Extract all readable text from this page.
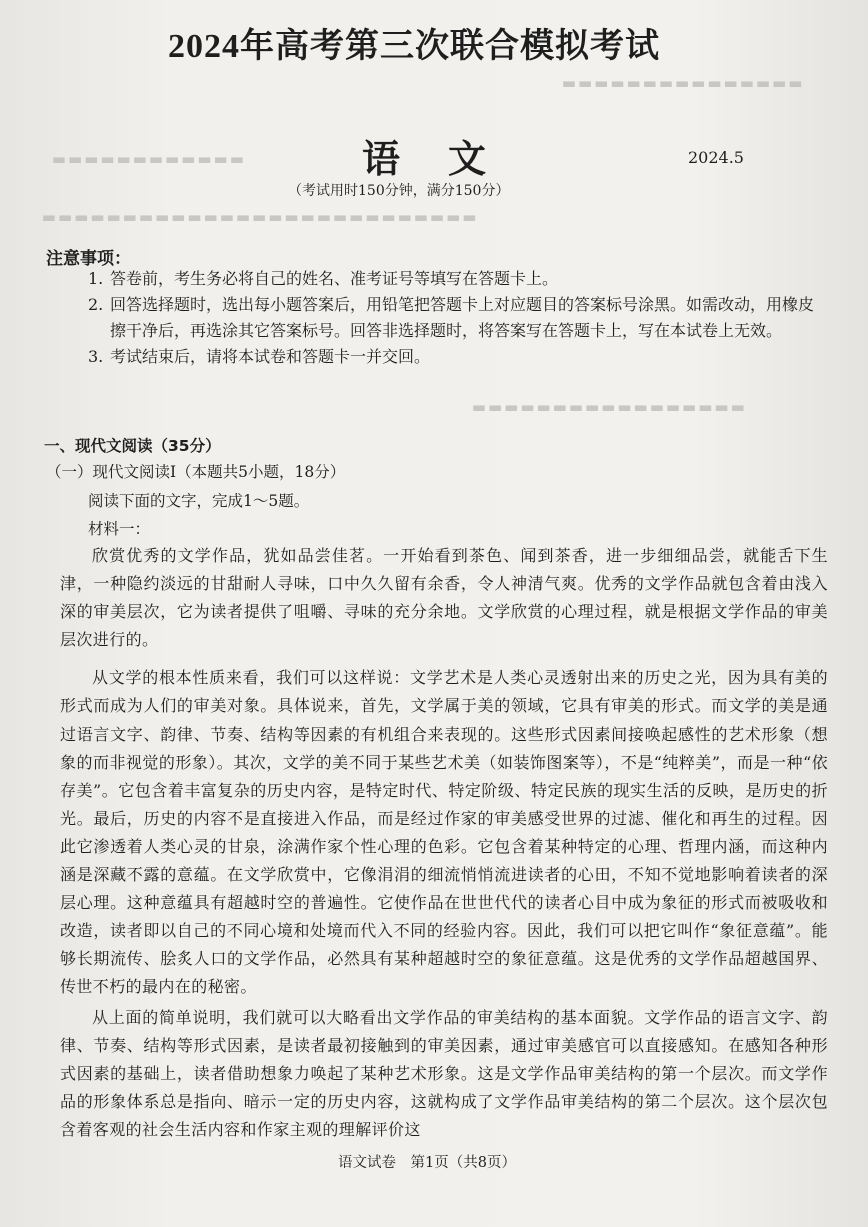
▬▬▬▬▬▬▬▬▬▬▬▬▬▬▬
▬▬▬▬▬▬▬▬▬▬▬▬
▬▬▬▬▬▬▬▬▬▬▬▬▬▬▬▬▬▬▬▬▬▬▬▬▬▬▬
▬▬▬▬▬▬▬▬▬▬▬▬▬▬▬▬▬
2024年高考第三次联合模拟考试
语文	2024.5
（考试用时150分钟，满分150分）
注意事项：
1. 答卷前，考生务必将自己的姓名、准考证号等填写在答题卡上。
2. 回答选择题时，选出每小题答案后，用铅笔把答题卡上对应题目的答案标号涂黑。如需改动，用橡皮擦干净后，再选涂其它答案标号。回答非选择题时，将答案写在答题卡上，写在本试卷上无效。
3. 考试结束后，请将本试卷和答题卡一并交回。
一、现代文阅读（35分）
（一）现代文阅读Ⅰ（本题共5小题，18分）
阅读下面的文字，完成1～5题。
材料一：

欣赏优秀的文学作品，犹如品尝佳茗。一开始看到茶色、闻到茶香，进一步细细品尝，就能舌下生津，一种隐约淡远的甘甜耐人寻味，口中久久留有余香，令人神清气爽。优秀的文学作品就包含着由浅入深的审美层次，它为读者提供了咀嚼、寻味的充分余地。文学欣赏的心理过程，就是根据文学作品的审美层次进行的。

从文学的根本性质来看，我们可以这样说：文学艺术是人类心灵透射出来的历史之光，因为具有美的形式而成为人们的审美对象。具体说来，首先，文学属于美的领域，它具有审美的形式。而文学的美是通过语言文字、韵律、节奏、结构等因素的有机组合来表现的。这些形式因素间接唤起感性的艺术形象（想象的而非视觉的形象）。其次，文学的美不同于某些艺术美（如装饰图案等），不是“纯粹美”，而是一种“依存美”。它包含着丰富复杂的历史内容，是特定时代、特定阶级、特定民族的现实生活的反映，是历史的折光。最后，历史的内容不是直接进入作品，而是经过作家的审美感受世界的过滤、催化和再生的过程。因此它渗透着人类心灵的甘泉，涂满作家个性心理的色彩。它包含着某种特定的心理、哲理内涵，而这种内涵是深藏不露的意蕴。在文学欣赏中，它像涓涓的细流悄悄流进读者的心田，不知不觉地影响着读者的深层心理。这种意蕴具有超越时空的普遍性。它使作品在世世代代的读者心目中成为象征的形式而被吸收和改造，读者即以自己的不同心境和处境而代入不同的经验内容。因此，我们可以把它叫作“象征意蕴”。能够长期流传、脍炙人口的文学作品，必然具有某种超越时空的象征意蕴。这是优秀的文学作品超越国界、传世不朽的最内在的秘密。

从上面的简单说明，我们就可以大略看出文学作品的审美结构的基本面貌。文学作品的语言文字、韵律、节奏、结构等形式因素，是读者最初接触到的审美因素，通过审美感官可以直接感知。在感知各种形式因素的基础上，读者借助想象力唤起了某种艺术形象。这是文学作品审美结构的第一个层次。而文学作品的形象体系总是指向、暗示一定的历史内容，这就构成了文学作品审美结构的第二个层次。这个层次包含着客观的社会生活内容和作家主观的理解评价这

语文试卷　第1页（共8页）
